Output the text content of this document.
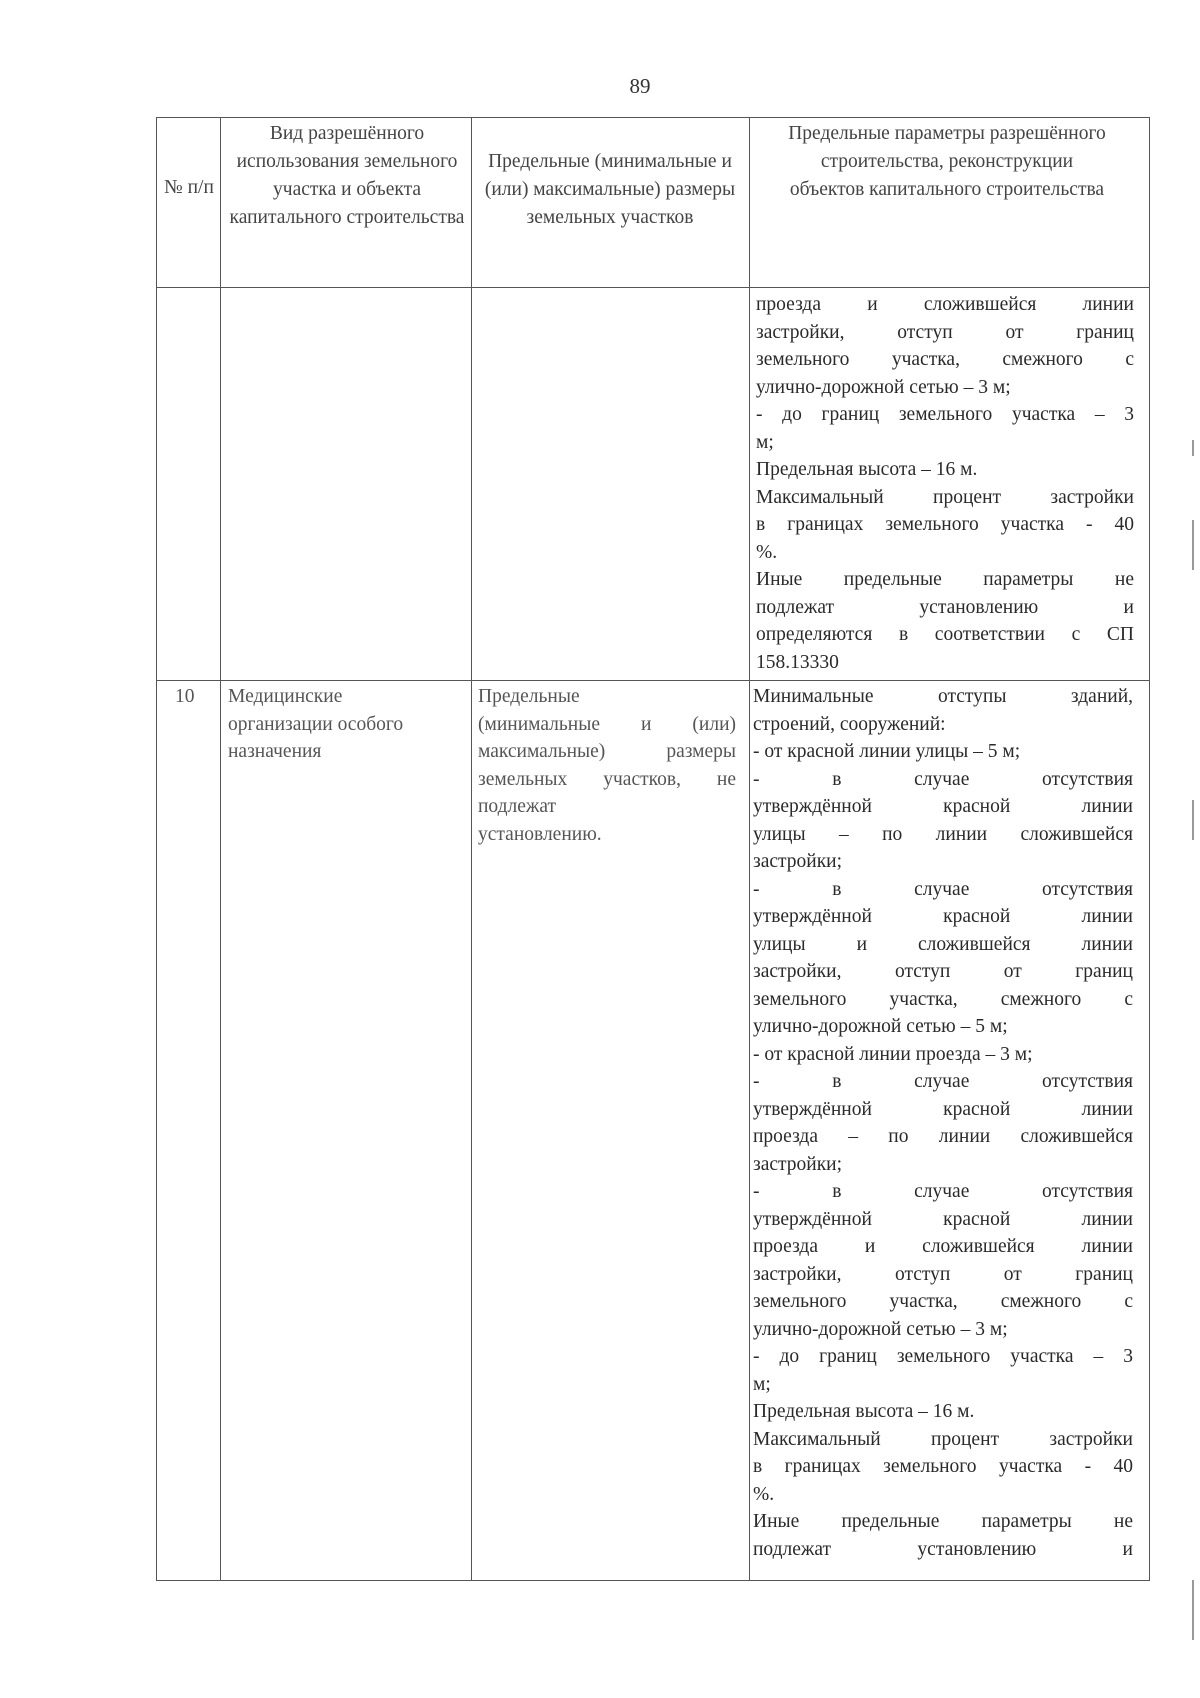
89
№ п/п
Вид разрешённого использования земельного участка и объекта капитального строительства
Предельные (минимальные и (или) максимальные) размеры земельных участков
Предельные параметры разрешённого строительства, реконструкции объектов капитального строительства
проезда и сложившейся линии
застройки, отступ от границ
земельного участка, смежного с
улично-дорожной сетью – 3 м;
- до границ земельного участка – 3
м;
Предельная высота – 16 м.
Максимальный процент застройки
в границах земельного участка - 40
%.
Иные предельные параметры не
подлежат установлению и
определяются в соответствии с СП
158.13330
10	Медицинские
организации особого
назначения
Предельные
(минимальные и (или)
максимальные) размеры
земельных участков, не
подлежат
установлению.
Минимальные отступы зданий,
строений, сооружений:
- от красной линии улицы – 5 м;
- в случае отсутствия
утверждённой красной линии
улицы – по линии сложившейся
застройки;
- в случае отсутствия
утверждённой красной линии
улицы и сложившейся линии
застройки, отступ от границ
земельного участка, смежного с
улично-дорожной сетью – 5 м;
- от красной линии проезда – 3 м;
- в случае отсутствия
утверждённой красной линии
проезда – по линии сложившейся
застройки;
- в случае отсутствия
утверждённой красной линии
проезда и сложившейся линии
застройки, отступ от границ
земельного участка, смежного с
улично-дорожной сетью – 3 м;
- до границ земельного участка – 3
м;
Предельная высота – 16 м.
Максимальный процент застройки
в границах земельного участка - 40
%.
Иные предельные параметры не
подлежат установлению и
